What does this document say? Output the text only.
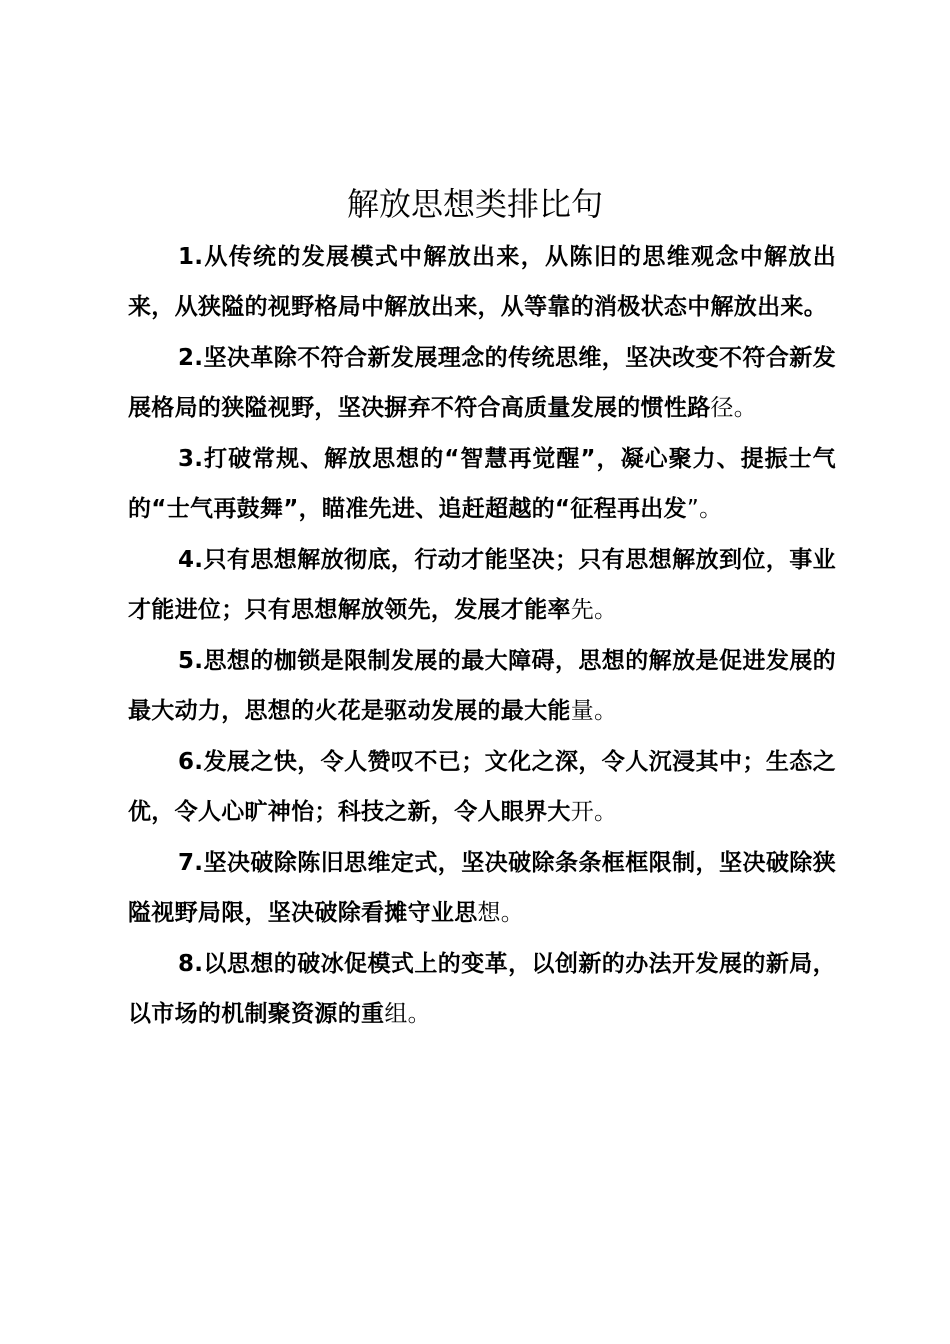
解放思想类排比句

1.从传统的发展模式中解放出来，从陈旧的思维观念中解放出来，从狭隘的视野格局中解放出来，从等靠的消极状态中解放出来。

2.坚决革除不符合新发展理念的传统思维，坚决改变不符合新发展格局的狭隘视野，坚决摒弃不符合高质量发展的惯性路径。

3.打破常规、解放思想的“智慧再觉醒”，凝心聚力、提振士气的“士气再鼓舞”，瞄准先进、追赶超越的“征程再出发”。

4.只有思想解放彻底，行动才能坚决；只有思想解放到位，事业才能进位；只有思想解放领先，发展才能率先。

5.思想的枷锁是限制发展的最大障碍，思想的解放是促进发展的最大动力，思想的火花是驱动发展的最大能量。

6.发展之快，令人赞叹不已；文化之深，令人沉浸其中；生态之优，令人心旷神怡；科技之新，令人眼界大开。

7.坚决破除陈旧思维定式，坚决破除条条框框限制，坚决破除狭隘视野局限，坚决破除看摊守业思想。

8.以思想的破冰促模式上的变革，以创新的办法开发展的新局，以市场的机制聚资源的重组。
